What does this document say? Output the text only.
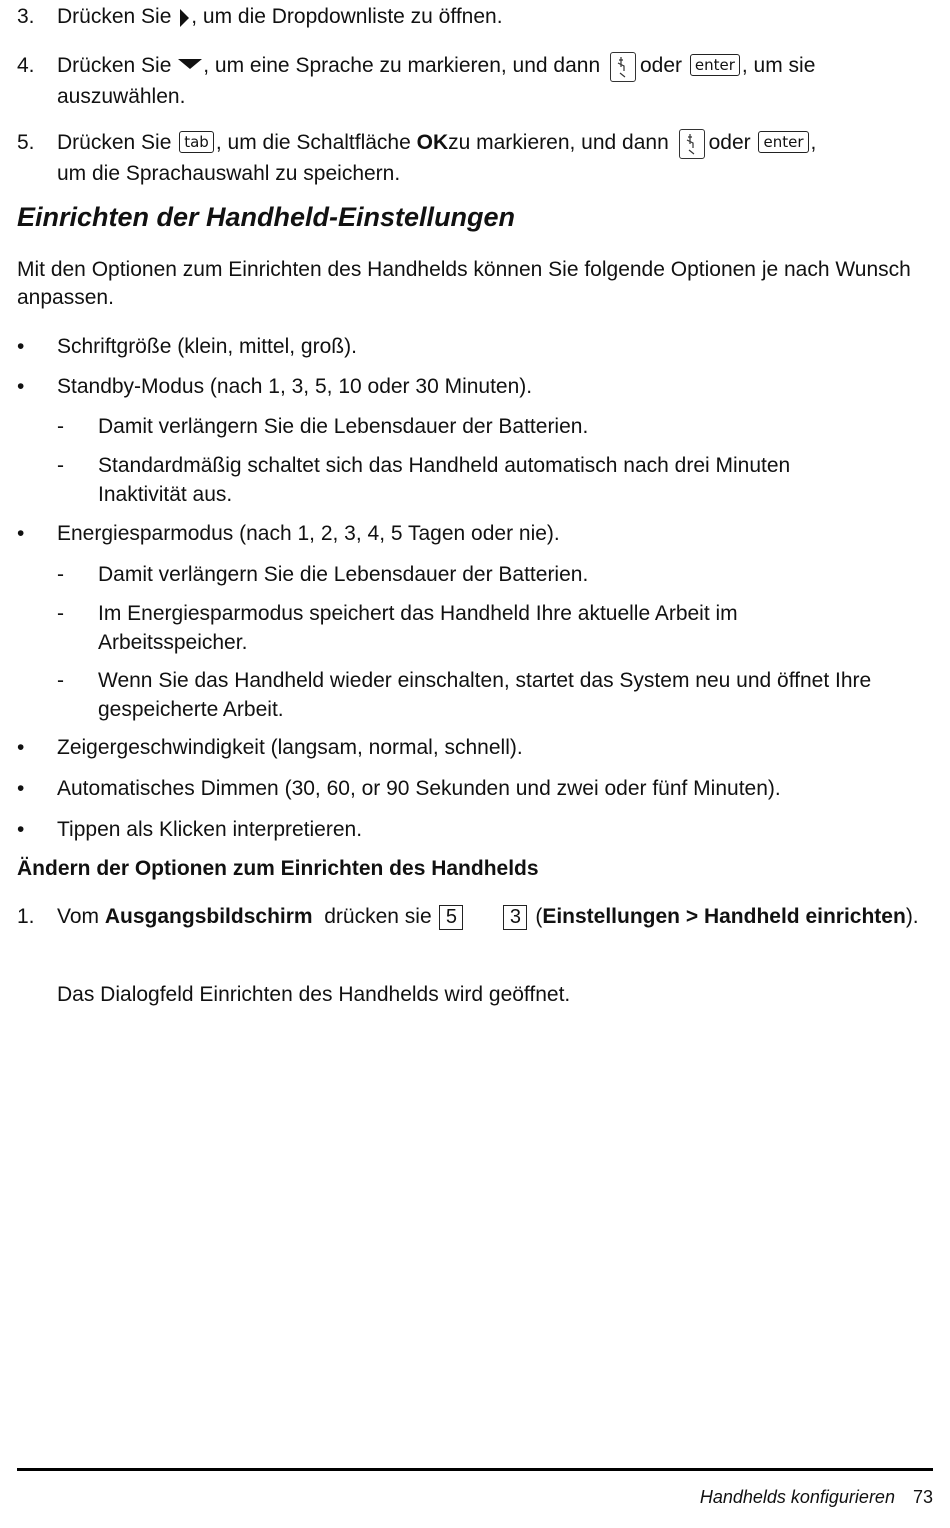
3.	Drücken Sie , um die Dropdownliste zu öffnen.
4.	Drücken Sie , um eine Sprache zu markieren, und dann oder enter , um sie
auszuwählen.
5.	Drücken Sie tab , um die Schaltfläche OKzu markieren, und dann oder enter ,
um die Sprachauswahl zu speichern.
Einrichten der Handheld-Einstellungen
Mit den Optionen zum Einrichten des Handhelds können Sie folgende Optionen je nach Wunsch anpassen.
• Schriftgröße (klein, mittel, groß).
• Standby-Modus (nach 1, 3, 5, 10 oder 30 Minuten).
- Damit verlängern Sie die Lebensdauer der Batterien.
- Standardmäßig schaltet sich das Handheld automatisch nach drei Minuten Inaktivität aus.
• Energiesparmodus (nach 1, 2, 3, 4, 5 Tagen oder nie).
- Damit verlängern Sie die Lebensdauer der Batterien.
- Im Energiesparmodus speichert das Handheld Ihre aktuelle Arbeit im Arbeitsspeicher.
- Wenn Sie das Handheld wieder einschalten, startet das System neu und öffnet Ihre gespeicherte Arbeit.
• Zeigergeschwindigkeit (langsam, normal, schnell).
• Automatisches Dimmen (30, 60, or 90 Sekunden und zwei oder fünf Minuten).
• Tippen als Klicken interpretieren.
Ändern der Optionen zum Einrichten des Handhelds
1.	Vom Ausgangsbildschirm drücken sie 5	3 (Einstellungen > Handheld einrichten).
Das Dialogfeld Einrichten des Handhelds wird geöffnet.
Handhelds konfigurieren 73
